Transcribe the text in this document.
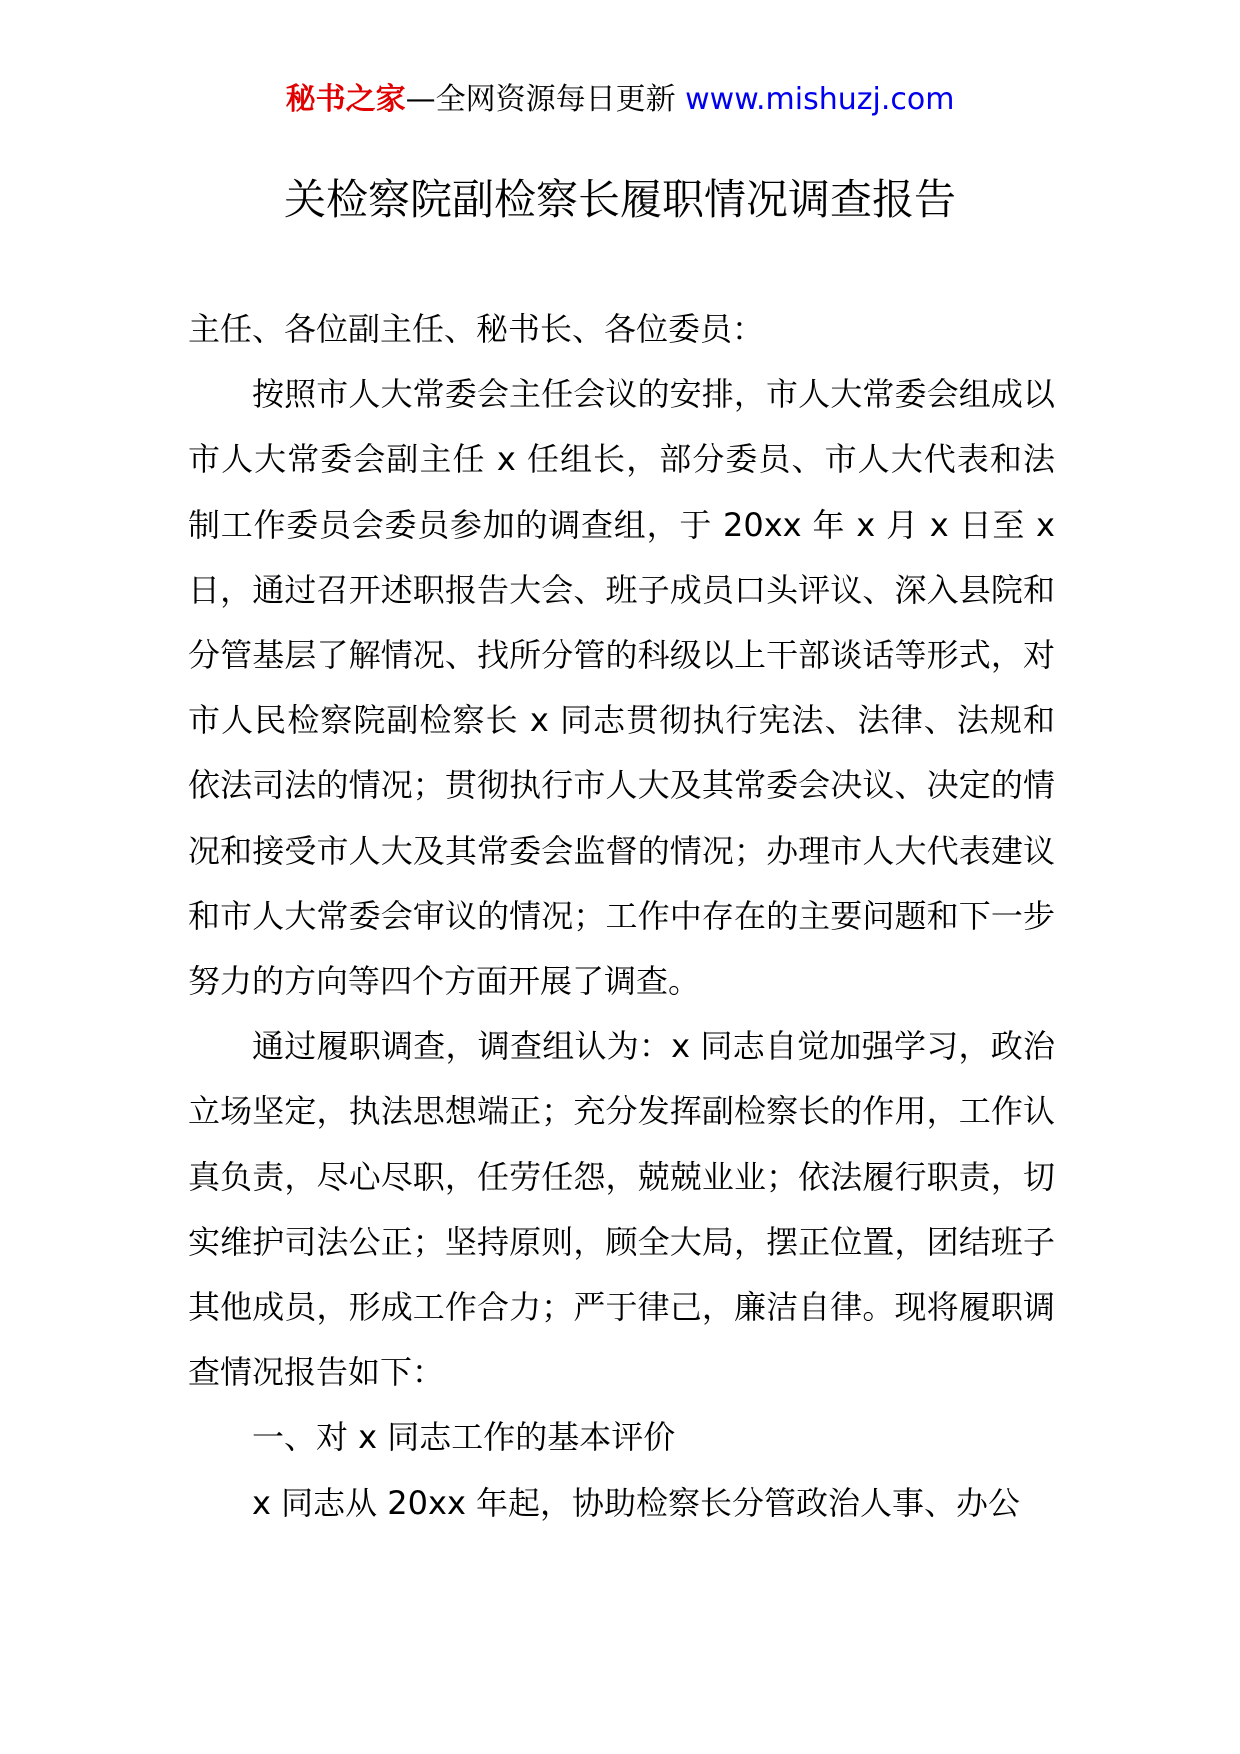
秘书之家—全网资源每日更新 www.mishuzj.com
关检察院副检察长履职情况调查报告

主任、各位副主任、秘书长、各位委员：

按照市人大常委会主任会议的安排，市人大常委会组成以市人大常委会副主任 x 任组长，部分委员、市人大代表和法制工作委员会委员参加的调查组，于 20xx 年 x 月 x 日至 x 日，通过召开述职报告大会、班子成员口头评议、深入县院和分管基层了解情况、找所分管的科级以上干部谈话等形式，对市人民检察院副检察长 x 同志贯彻执行宪法、法律、法规和依法司法的情况；贯彻执行市人大及其常委会决议、决定的情况和接受市人大及其常委会监督的情况；办理市人大代表建议和市人大常委会审议的情况；工作中存在的主要问题和下一步努力的方向等四个方面开展了调查。

通过履职调查，调查组认为：x 同志自觉加强学习，政治立场坚定，执法思想端正；充分发挥副检察长的作用，工作认真负责，尽心尽职，任劳任怨，兢兢业业；依法履行职责，切实维护司法公正；坚持原则，顾全大局，摆正位置，团结班子其他成员，形成工作合力；严于律己，廉洁自律。现将履职调查情况报告如下：

一、对 x 同志工作的基本评价

x 同志从 20xx 年起，协助检察长分管政治人事、办公
